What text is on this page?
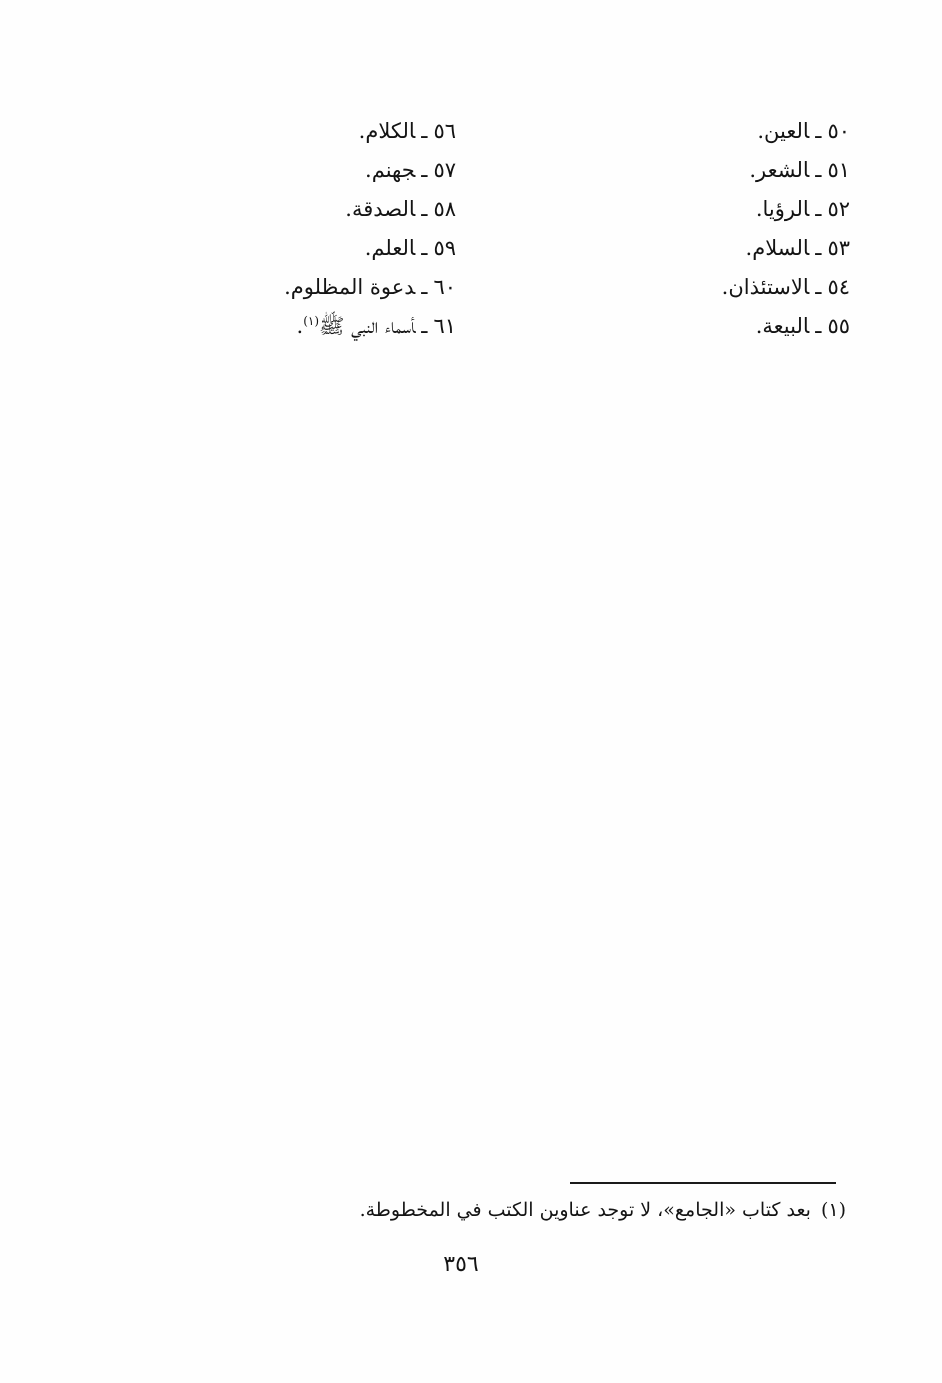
٥٠ـالعين.
٥١ـالشعر.
٥٢ـالرؤيا.
٥٣ـالسلام.
٥٤ـالاستئذان.
٥٥ـالبيعة.
٥٦ـالكلام.
٥٧ـجهنم.
٥٨ـالصدقة.
٥٩ـالعلم.
٦٠ـدعوة المظلوم.
٦١ـأسماء النبي ﷺ$^{(١)}$.
(١)بعد كتاب «الجامع»، لا توجد عناوين الكتب في المخطوطة.
٣٥٦
